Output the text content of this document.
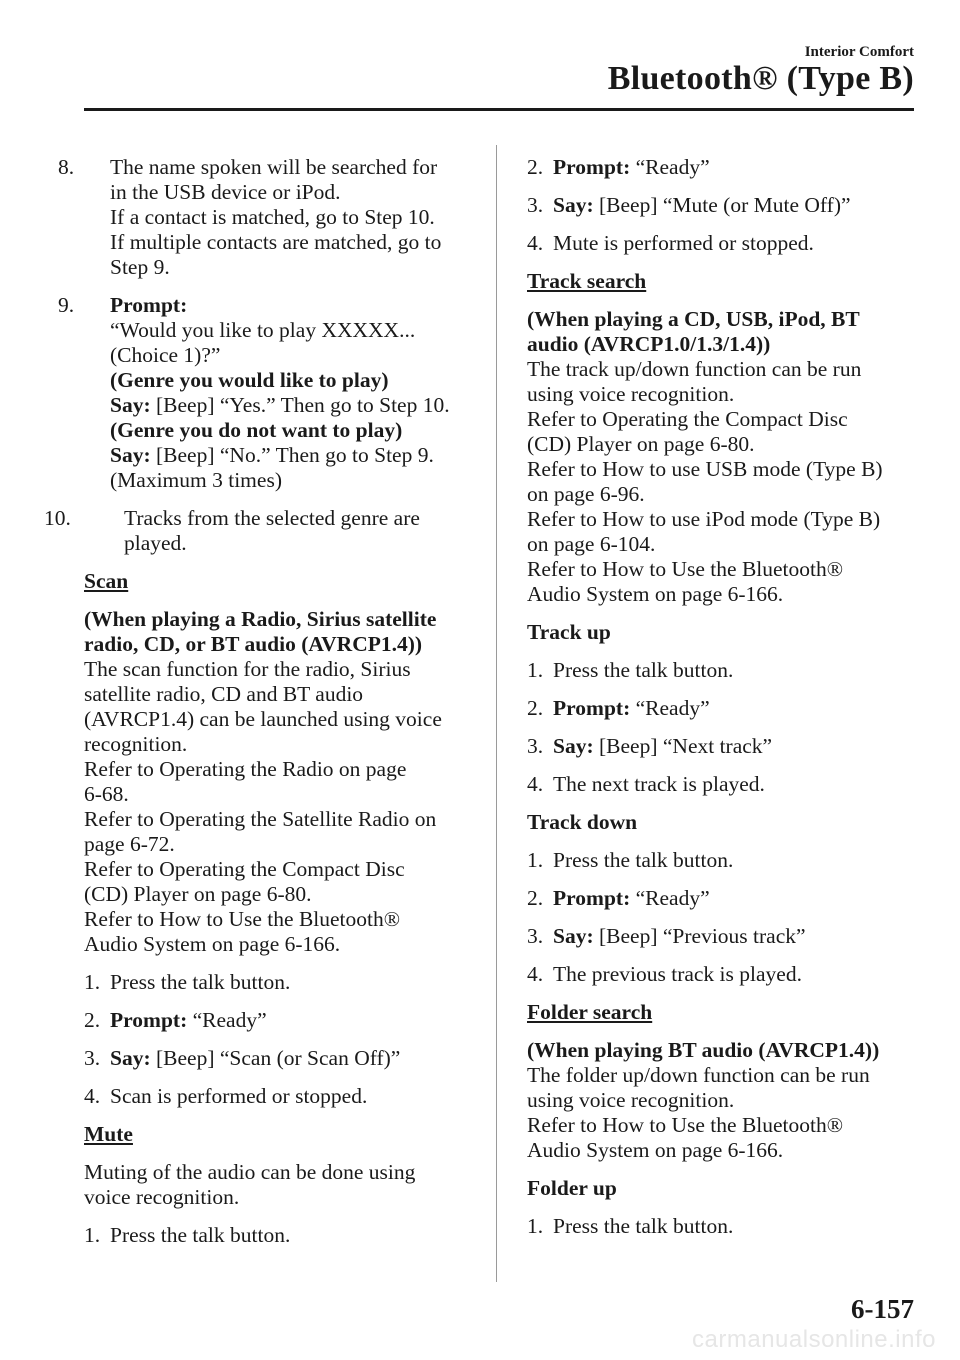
Interior Comfort
Bluetooth® (Type B)
8. The name spoken will be searched for
in the USB device or iPod.
If a contact is matched, go to Step 10.
If multiple contacts are matched, go to
Step 9.
9. Prompt:
“Would you like to play XXXXX...
(Choice 1)?”
(Genre you would like to play)
Say: [Beep] “Yes.” Then go to Step 10.
(Genre you do not want to play)
Say: [Beep] “No.” Then go to Step 9.
(Maximum 3 times)
10. Tracks from the selected genre are
played.
Scan
(When playing a Radio, Sirius satellite
radio, CD, or BT audio (AVRCP1.4))
The scan function for the radio, Sirius
satellite radio, CD and BT audio
(AVRCP1.4) can be launched using voice
recognition.
Refer to Operating the Radio on page
6-68.
Refer to Operating the Satellite Radio on
page 6-72.
Refer to Operating the Compact Disc
(CD) Player on page 6-80.
Refer to How to Use the Bluetooth®
Audio System on page 6-166.
1. Press the talk button.
2. Prompt: “Ready”
3. Say: [Beep] “Scan (or Scan Off)”
4. Scan is performed or stopped.
Mute
Muting of the audio can be done using
voice recognition.
1. Press the talk button.
2. Prompt: “Ready”
3. Say: [Beep] “Mute (or Mute Off)”
4. Mute is performed or stopped.
Track search
(When playing a CD, USB, iPod, BT
audio (AVRCP1.0/1.3/1.4))
The track up/down function can be run
using voice recognition.
Refer to Operating the Compact Disc
(CD) Player on page 6-80.
Refer to How to use USB mode (Type B)
on page 6-96.
Refer to How to use iPod mode (Type B)
on page 6-104.
Refer to How to Use the Bluetooth®
Audio System on page 6-166.
Track up
1. Press the talk button.
2. Prompt: “Ready”
3. Say: [Beep] “Next track”
4. The next track is played.
Track down
1. Press the talk button.
2. Prompt: “Ready”
3. Say: [Beep] “Previous track”
4. The previous track is played.
Folder search
(When playing BT audio (AVRCP1.4))
The folder up/down function can be run
using voice recognition.
Refer to How to Use the Bluetooth®
Audio System on page 6-166.
Folder up
1. Press the talk button.
6-157
carmanualsonline.info
